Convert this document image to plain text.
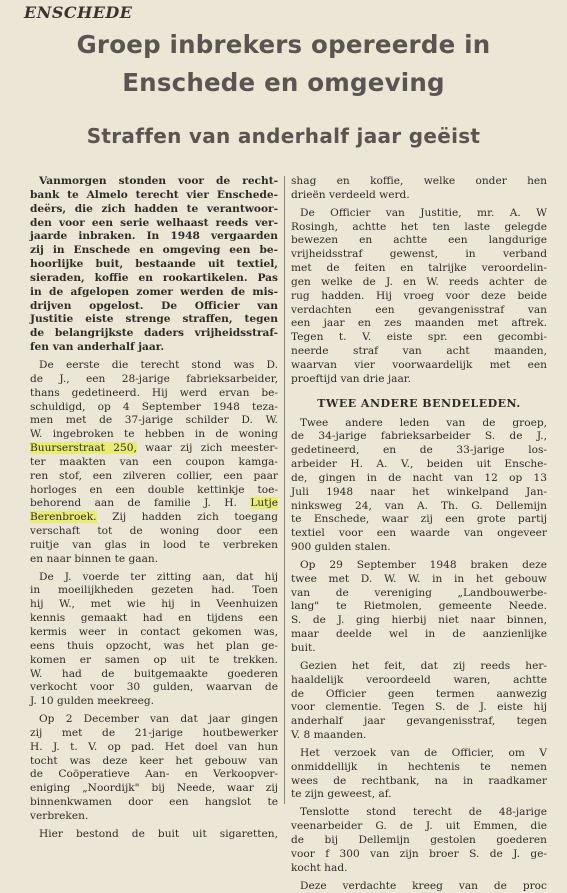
ENSCHEDE
Groep inbrekers opereerde in
Enschede en omgeving
Straffen van anderhalf jaar geëist
Vanmorgen stonden voor de recht-
bank te Almelo terecht vier Enschede-
deërs, die zich hadden te verantwoor-
den voor een serie welhaast reeds ver-
jaarde inbraken. In 1948 vergaarden
zij in Enschede en omgeving een be-
hoorlijke buit, bestaande uit textiel,
sieraden, koffie en rookartikelen. Pas
in de afgelopen zomer werden de mis-
drijven opgelost. De Officier van
Justitie eiste strenge straffen, tegen
de belangrijkste daders vrijheidsstraf-
fen van anderhalf jaar.
De eerste die terecht stond was D.
de J., een 28-jarige fabrieksarbeider,
thans gedetineerd. Hij werd ervan be-
schuldigd, op 4 September 1948 teza-
men met de 37-jarige schilder D. W.
W. ingebroken te hebben in de woning
Buurserstraat 250, waar zij zich meester-
ter maakten van een coupon kamga-
ren stof, een zilveren collier, een paar
horloges en een double kettinkje toe-
behorend aan de familie J. H. Lutje
Berenbroek. Zij hadden zich toegang
verschaft tot de woning door een
ruitje van glas in lood te verbreken
en naar binnen te gaan.
De J. voerde ter zitting aan, dat hij
in moeilijkheden gezeten had. Toen
hij W., met wie hij in Veenhuizen
kennis gemaakt had en tijdens een
kermis weer in contact gekomen was,
eens thuis opzocht, was het plan ge-
komen er samen op uit te trekken.
W. had de buitgemaakte goederen
verkocht voor 30 gulden, waarvan de
J. 10 gulden meekreeg.
Op 2 December van dat jaar gingen
zij met de 21-jarige houtbewerker
H. J. t. V. op pad. Het doel van hun
tocht was deze keer het gebouw van
de Coöperatieve Aan- en Verkoopver-
eniging „Noordijk" bij Neede, waar zij
binnenkwamen door een hangslot te
verbreken.
Hier bestond de buit uit sigaretten,
shag en koffie, welke onder hen
drieën verdeeld werd.
De Officier van Justitie, mr. A. W
Rosingh, achtte het ten laste gelegde
bewezen en achtte een langdurige
vrijheidsstraf gewenst, in verband
met de feiten en talrijke veroordelin-
gen welke de J. en W. reeds achter de
rug hadden. Hij vroeg voor deze beide
verdachten een gevangenisstraf van
een jaar en zes maanden met aftrek.
Tegen t. V. eiste spr. een gecombi-
neerde straf van acht maanden,
waarvan vier voorwaardelijk met een
proeftijd van drie jaar.
TWEE ANDERE BENDELEDEN.
Twee andere leden van de groep,
de 34-jarige fabrieksarbeider S. de J.,
gedetineerd, en de 33-jarige los-
arbeider H. A. V., beiden uit Ensche-
de, gingen in de nacht van 12 op 13
Juli 1948 naar het winkelpand Jan-
ninksweg 24, van A. Th. G. Dellemijn
te Enschede, waar zij een grote partij
textiel voor een waarde van ongeveer
900 gulden stalen.
Op 29 September 1948 braken deze
twee met D. W. W. in in het gebouw
van de vereniging „Landbouwerbe-
lang" te Rietmolen, gemeente Neede.
S. de J. ging hierbij niet naar binnen,
maar deelde wel in de aanzienlijke
buit.
Gezien het feit, dat zij reeds her-
haaldelijk veroordeeld waren, achtte
de Officier geen termen aanwezig
voor clementie. Tegen S. de J. eiste hij
anderhalf jaar gevangenisstraf, tegen
V. 8 maanden.
Het verzoek van de Officier, om V
onmiddellijk in hechtenis te nemen
wees de rechtbank, na in raadkamer
te zijn geweest, af.
Tenslotte stond terecht de 48-jarige
veenarbeider G. de J. uit Emmen, die
de bij Dellemijn gestolen goederen
voor f 300 van zijn broer S. de J. ge-
kocht had.
Deze verdachte kreeg van de proc
